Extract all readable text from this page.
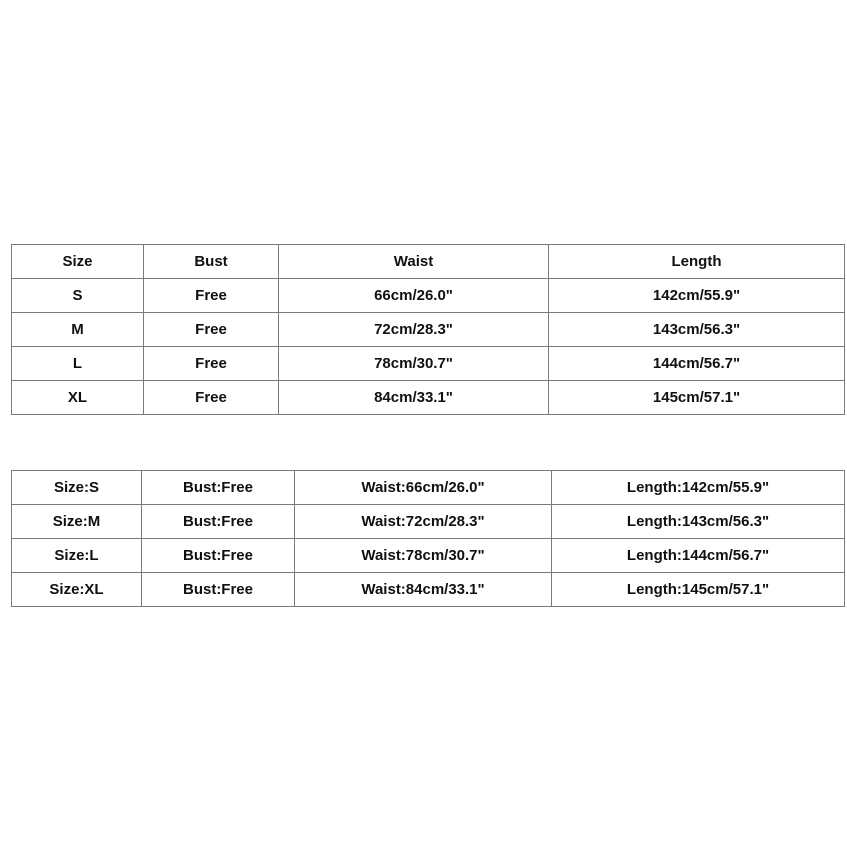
Size	Bust	Waist	Length
S	Free	66cm/26.0"	142cm/55.9"
M	Free	72cm/28.3"	143cm/56.3"
L	Free	78cm/30.7"	144cm/56.7"
XL	Free	84cm/33.1"	145cm/57.1"
Size:S	Bust:Free	Waist:66cm/26.0"	Length:142cm/55.9"
Size:M	Bust:Free	Waist:72cm/28.3"	Length:143cm/56.3"
Size:L	Bust:Free	Waist:78cm/30.7"	Length:144cm/56.7"
Size:XL	Bust:Free	Waist:84cm/33.1"	Length:145cm/57.1"
